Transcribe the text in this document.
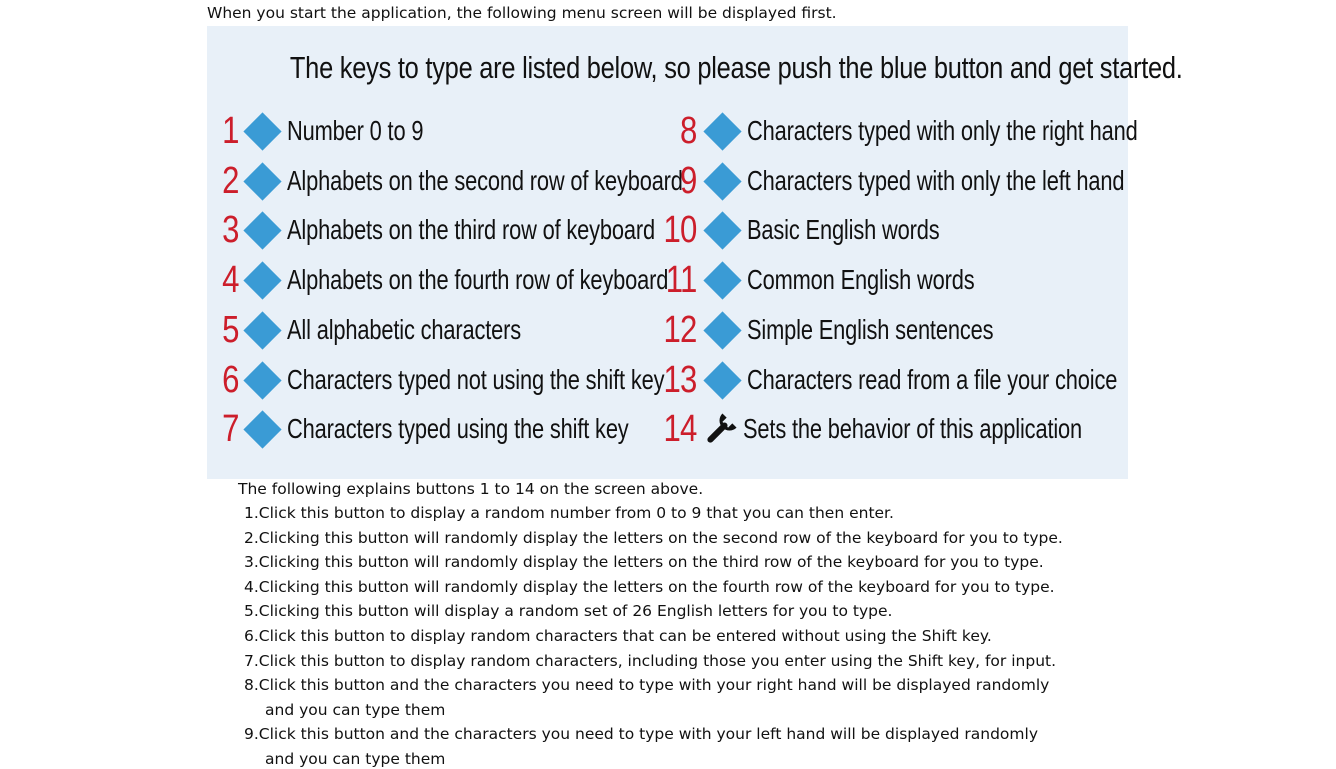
When you start the application, the following menu screen will be displayed first.
The keys to type are listed below, so please push the blue button and get started.
1 Number 0 to 9
2 Alphabets on the second row of keyboard
3 Alphabets on the third row of keyboard
4 Alphabets on the fourth row of keyboard
5 All alphabetic characters
6 Characters typed not using the shift key
7 Characters typed using the shift key
8 Characters typed with only the right hand
9 Characters typed with only the left hand
10 Basic English words
11 Common English words
12 Simple English sentences
13 Characters read from a file your choice
14 Sets the behavior of this application
The following explains buttons 1 to 14 on the screen above.
1.Click this button to display a random number from 0 to 9 that you can then enter.
2.Clicking this button will randomly display the letters on the second row of the keyboard for you to type.
3.Clicking this button will randomly display the letters on the third row of the keyboard for you to type.
4.Clicking this button will randomly display the letters on the fourth row of the keyboard for you to type.
5.Clicking this button will display a random set of 26 English letters for you to type.
6.Click this button to display random characters that can be entered without using the Shift key.
7.Click this button to display random characters, including those you enter using the Shift key, for input.
8.Click this button and the characters you need to type with your right hand will be displayed randomly
and you can type them
9.Click this button and the characters you need to type with your left hand will be displayed randomly
and you can type them
